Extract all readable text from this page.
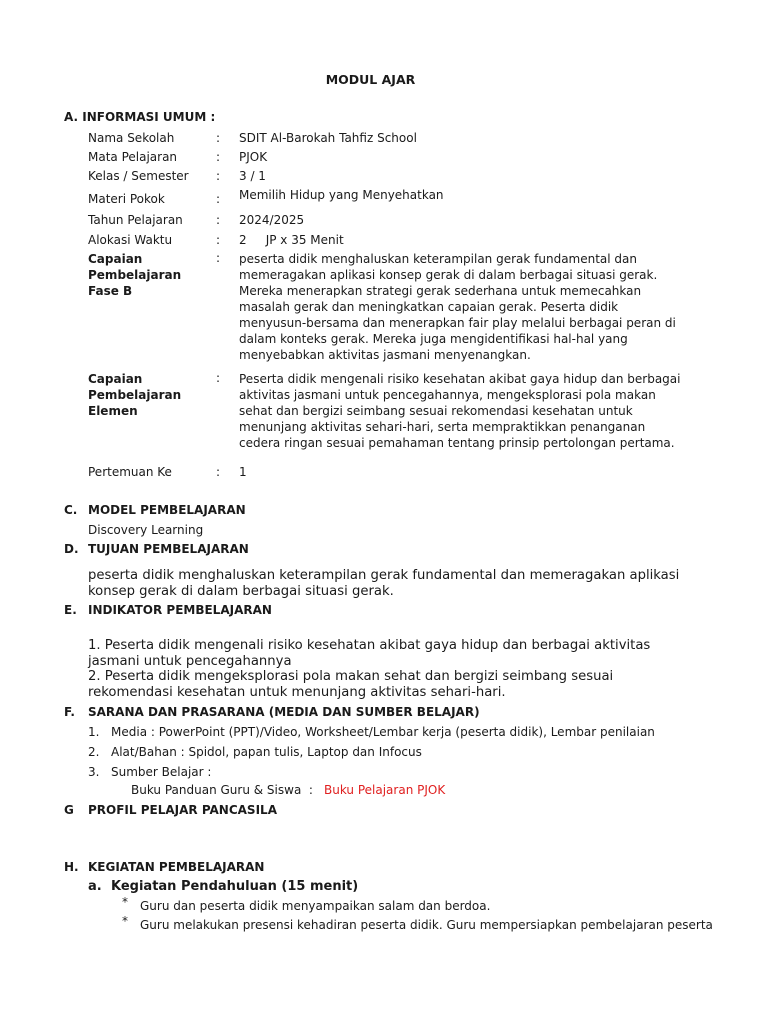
MODUL AJAR
A. INFORMASI UMUM :
Nama Sekolah	: SDIT Al-Barokah Tahfiz School
Mata Pelajaran	: PJOK
Kelas / Semester : 3 / 1
Materi Pokok	: Memilih Hidup yang Menyehatkan
Tahun Pelajaran	: 2024/2025
Alokasi Waktu	: 2     JP x 35 Menit
Capaian
Pembelajaran
Fase B
: peserta didik menghaluskan keterampilan gerak fundamental dan memeragakan aplikasi konsep gerak di dalam berbagai situasi gerak. Mereka menerapkan strategi gerak sederhana untuk memecahkan masalah gerak dan meningkatkan capaian gerak. Peserta didik menyusun-bersama dan menerapkan fair play melalui berbagai peran di dalam konteks gerak. Mereka juga mengidentifikasi hal-hal yang menyebabkan aktivitas jasmani menyenangkan.
Capaian
Pembelajaran
Elemen
: Peserta didik mengenali risiko kesehatan akibat gaya hidup dan berbagai aktivitas jasmani untuk pencegahannya, mengeksplorasi pola makan sehat dan bergizi seimbang sesuai rekomendasi kesehatan untuk menunjang aktivitas sehari-hari, serta mempraktikkan penanganan cedera ringan sesuai pemahaman tentang prinsip pertolongan pertama.
Pertemuan Ke	: 1
C. MODEL PEMBELAJARAN
Discovery Learning
D. TUJUAN PEMBELAJARAN
peserta didik menghaluskan keterampilan gerak fundamental dan memeragakan aplikasi konsep gerak di dalam berbagai situasi gerak.
E. INDIKATOR PEMBELAJARAN
1. Peserta didik mengenali risiko kesehatan akibat gaya hidup dan berbagai aktivitas jasmani untuk pencegahannya
2. Peserta didik mengeksplorasi pola makan sehat dan bergizi seimbang sesuai rekomendasi kesehatan untuk menunjang aktivitas sehari-hari.
F. SARANA DAN PRASARANA (MEDIA DAN SUMBER BELAJAR)
1. Media : PowerPoint (PPT)/Video, Worksheet/Lembar kerja (peserta didik), Lembar penilaian
2. Alat/Bahan : Spidol, papan tulis, Laptop dan Infocus
3. Sumber Belajar :
Buku Panduan Guru & Siswa  : Buku Pelajaran PJOK
G PROFIL PELAJAR PANCASILA
H. KEGIATAN PEMBELAJARAN
a. Kegiatan Pendahuluan (15 menit)
* Guru dan peserta didik menyampaikan salam dan berdoa.
* Guru melakukan presensi kehadiran peserta didik. Guru mempersiapkan pembelajaran peserta
